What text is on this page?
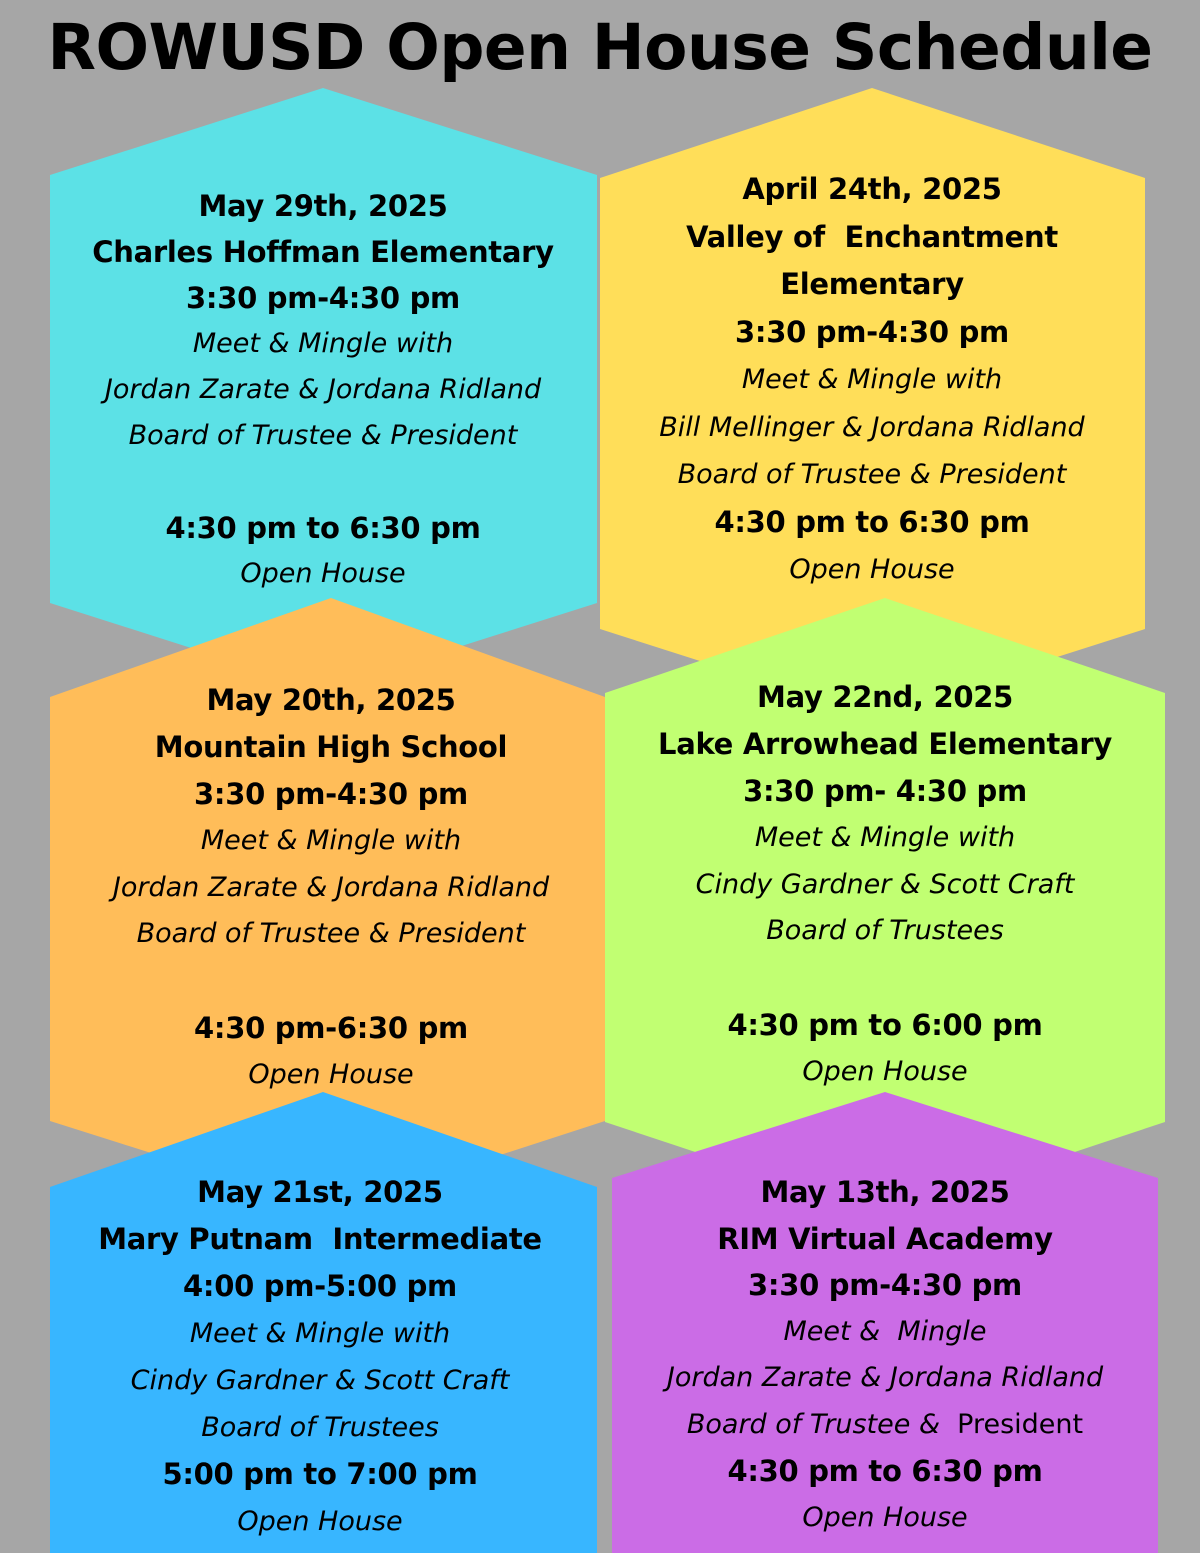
ROWUSD Open House Schedule
May 29th, 2025
Charles Hoffman Elementary
3:30 pm-4:30 pm
Meet & Mingle with
Jordan Zarate & Jordana Ridland
Board of Trustee & President
4:30 pm to 6:30 pm
Open House
April 24th, 2025
Valley of  Enchantment
Elementary
3:30 pm-4:30 pm
Meet & Mingle with
Bill Mellinger & Jordana Ridland
Board of Trustee & President
4:30 pm to 6:30 pm
Open House
May 20th, 2025
Mountain High School
3:30 pm-4:30 pm
Meet & Mingle with
Jordan Zarate & Jordana Ridland
Board of Trustee & President
4:30 pm-6:30 pm
Open House
May 22nd, 2025
Lake Arrowhead Elementary
3:30 pm- 4:30 pm
Meet & Mingle with
Cindy Gardner & Scott Craft
Board of Trustees
4:30 pm to 6:00 pm
Open House
May 21st, 2025
Mary Putnam  Intermediate
4:00 pm-5:00 pm
Meet & Mingle with
Cindy Gardner & Scott Craft
Board of Trustees
5:00 pm to 7:00 pm
Open House
May 13th, 2025
RIM Virtual Academy
3:30 pm-4:30 pm
Meet &  Mingle
Jordan Zarate & Jordana Ridland
Board of Trustee &  President
4:30 pm to 6:30 pm
Open House
